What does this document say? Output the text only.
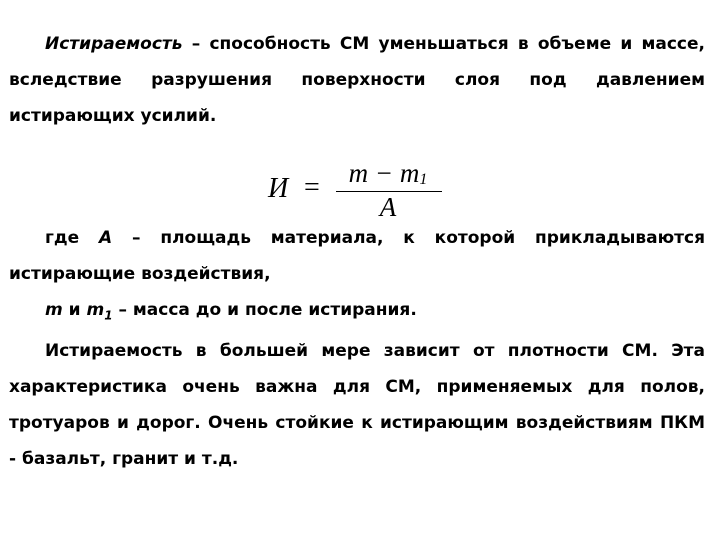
Истираемость – способность СМ уменьшаться в объеме и массе, вследствие разрушения поверхности слоя под давлением истирающих усилий.

И =	m − m1
A

где A – площадь материала, к которой прикладываются истирающие воздействия,

m и $m_1$ – масса до и после истирания.

Истираемость в большей мере зависит от плотности СМ. Эта характеристика очень важна для СМ, применяемых для полов, тротуаров и дорог. Очень стойкие к истирающим воздействиям ПКМ - базальт, гранит и т.д.
